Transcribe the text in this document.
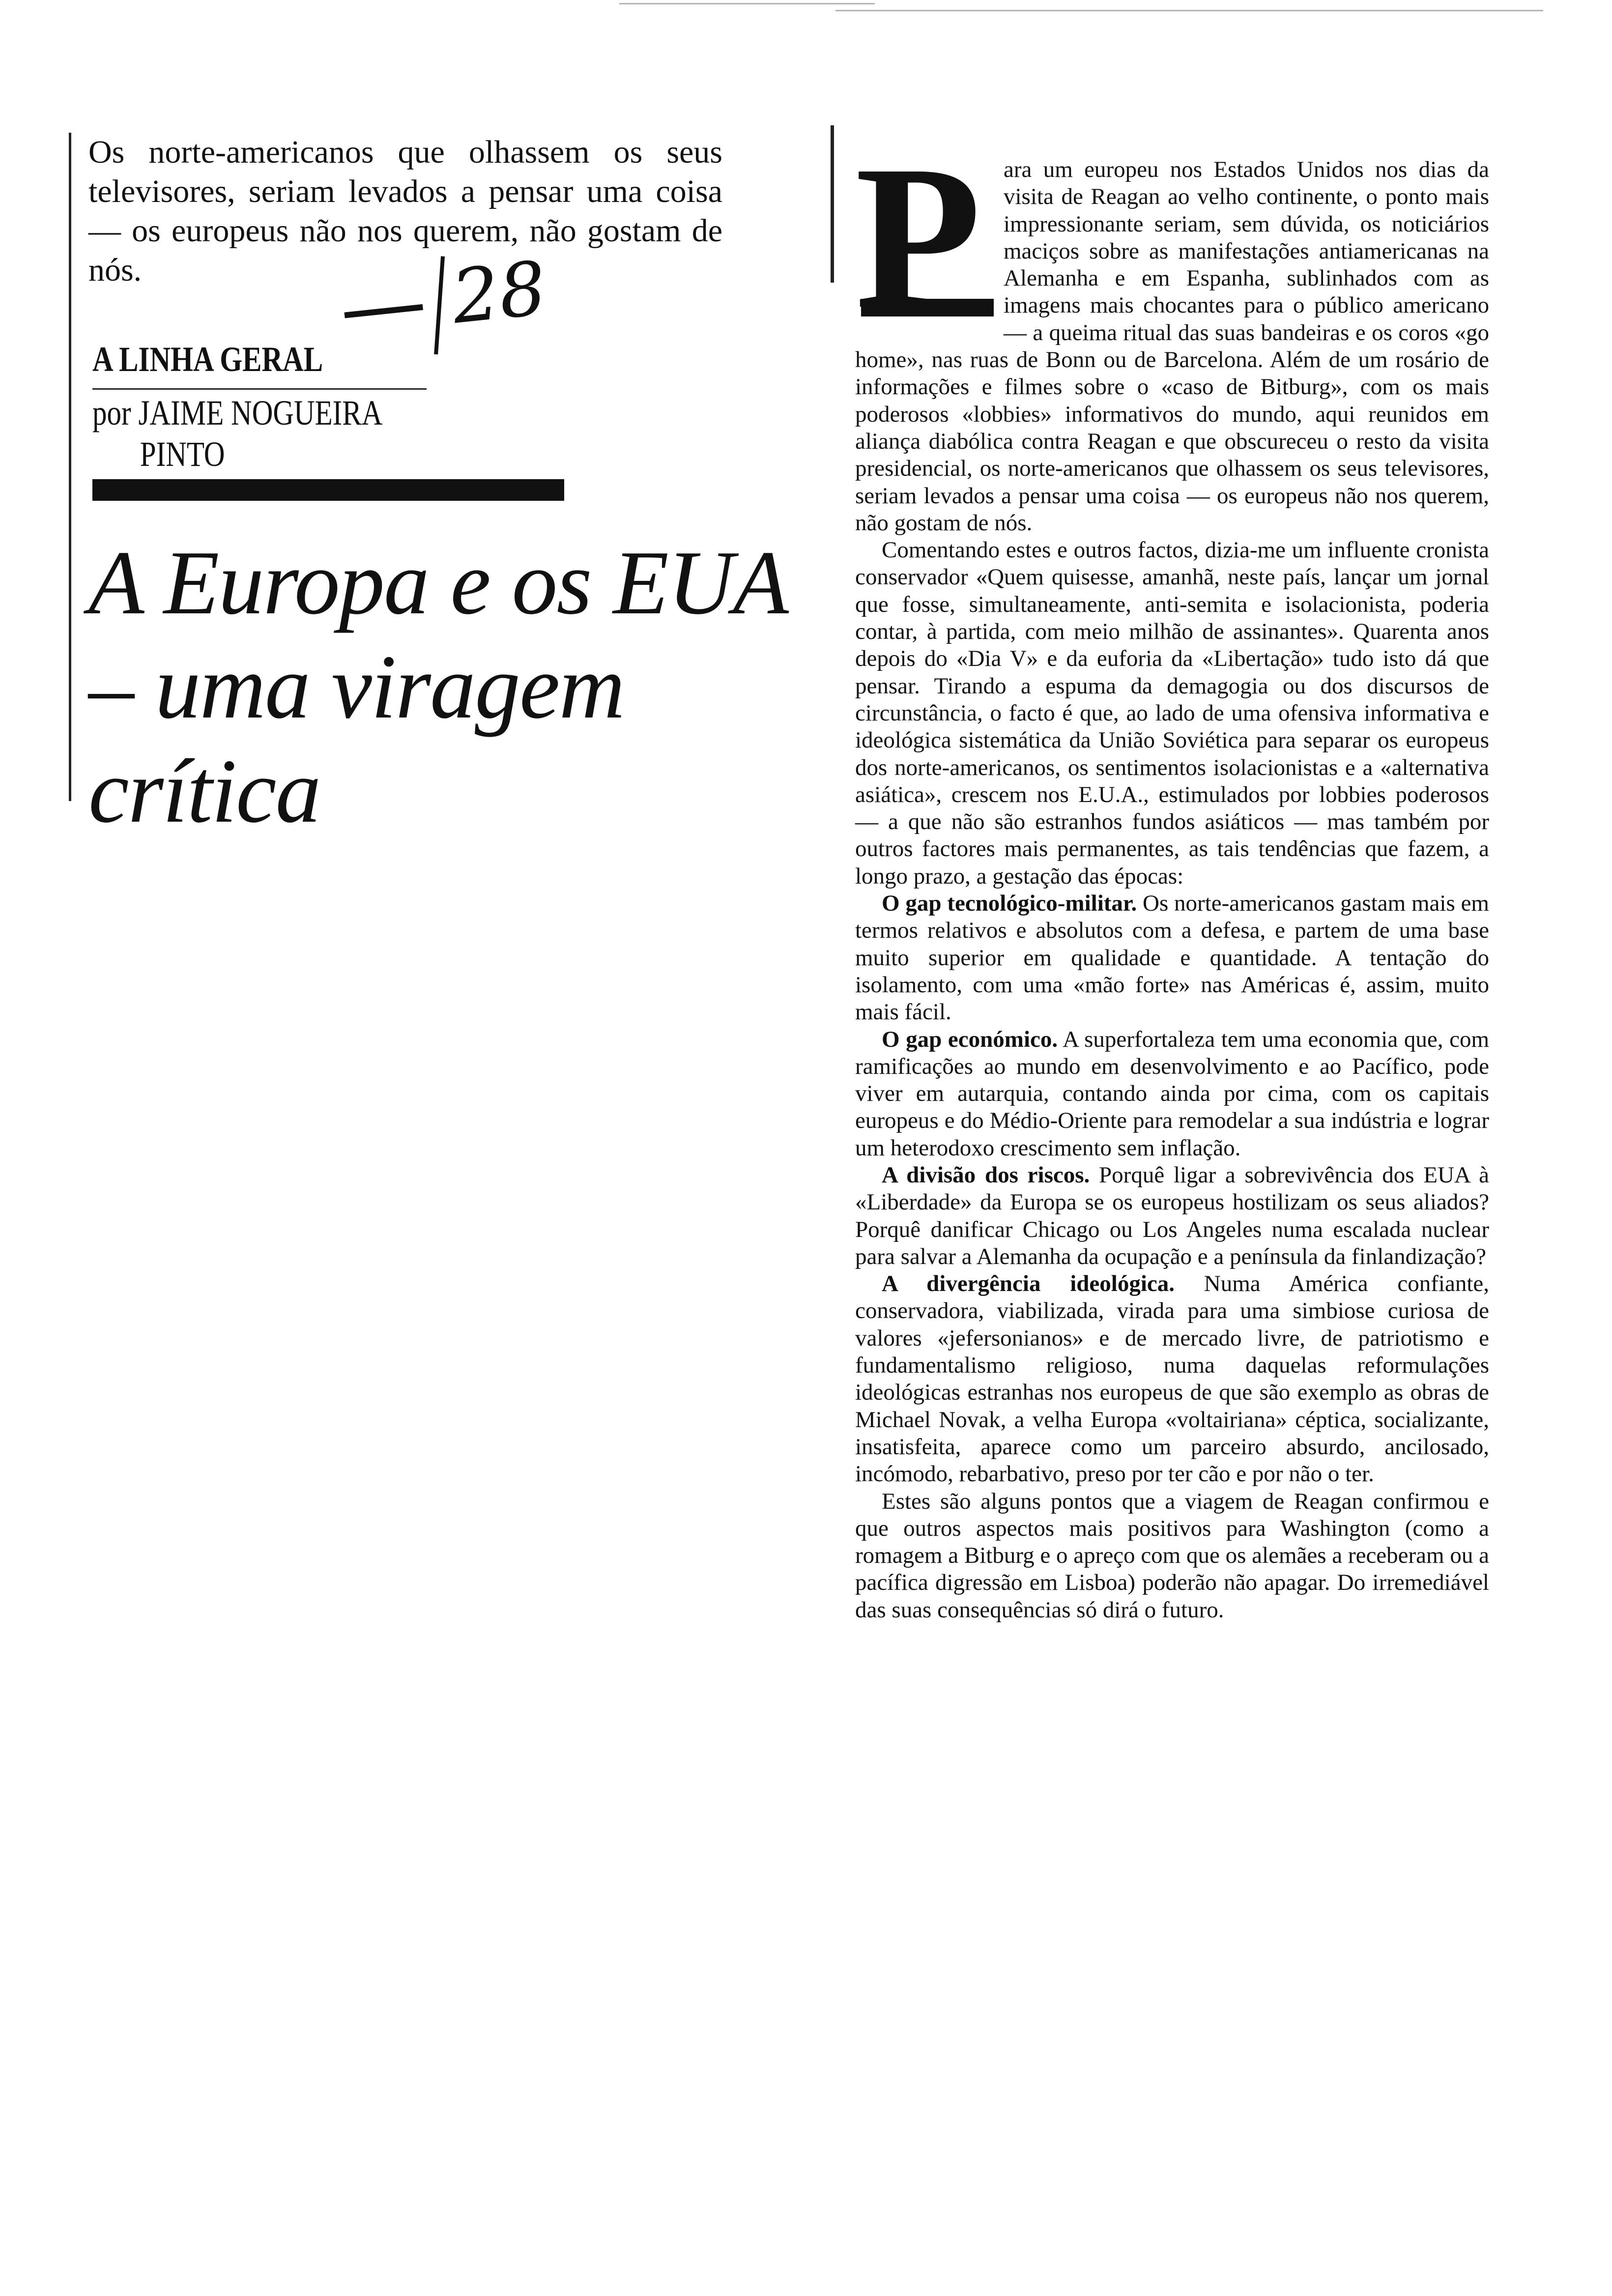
Os norte-americanos que olhassem os seus televisores, seriam levados a pensar uma coisa — os europeus não nos querem, não gostam de nós.	28
A LINHA GERAL
por JAIME NOGUEIRA
PINTO
A Europa e os EUA
– uma viragem
crítica

P ara um europeu nos Estados Unidos nos dias da visita de Reagan ao velho continente, o ponto mais impressionante seriam, sem dúvida, os noticiários maciços sobre as manifestações antiamericanas na Alemanha e em Espanha, sublinhados com as imagens mais chocantes para o público americano — a queima ritual das suas bandeiras e os coros «go home», nas ruas de Bonn ou de Barcelona. Além de um rosário de informações e filmes sobre o «caso de Bitburg», com os mais poderosos «lobbies» informativos do mundo, aqui reunidos em aliança diabólica contra Reagan e que obscureceu o resto da visita presidencial, os norte-americanos que olhassem os seus televisores, seriam levados a pensar uma coisa — os europeus não nos querem, não gostam de nós.

Comentando estes e outros factos, dizia-me um influente cronista conservador «Quem quisesse, amanhã, neste país, lançar um jornal que fosse, simultaneamente, anti-semita e isolacionista, poderia contar, à partida, com meio milhão de assinantes». Quarenta anos depois do «Dia V» e da euforia da «Libertação» tudo isto dá que pensar. Tirando a espuma da demagogia ou dos discursos de circunstância, o facto é que, ao lado de uma ofensiva informativa e ideológica sistemática da União Soviética para separar os europeus dos norte-americanos, os sentimentos isolacionistas e a «alternativa asiática», crescem nos E.U.A., estimulados por lobbies poderosos — a que não são estranhos fundos asiáticos — mas também por outros factores mais permanentes, as tais tendências que fazem, a longo prazo, a gestação das épocas:

O gap tecnológico-militar. Os norte-americanos gastam mais em termos relativos e absolutos com a defesa, e partem de uma base muito superior em qualidade e quantidade. A tentação do isolamento, com uma «mão forte» nas Américas é, assim, muito mais fácil.

O gap económico. A superfortaleza tem uma economia que, com ramificações ao mundo em desenvolvimento e ao Pacífico, pode viver em autarquia, contando ainda por cima, com os capitais europeus e do Médio-Oriente para remodelar a sua indústria e lograr um heterodoxo crescimento sem inflação.

A divisão dos riscos. Porquê ligar a sobrevivência dos EUA à «Liberdade» da Europa se os europeus hostilizam os seus aliados? Porquê danificar Chicago ou Los Angeles numa escalada nuclear para salvar a Alemanha da ocupação e a península da finlandização?

A divergência ideológica. Numa América confiante, conservadora, viabilizada, virada para uma simbiose curiosa de valores «jefersonianos» e de mercado livre, de patriotismo e fundamentalismo religioso, numa daquelas reformulações ideológicas estranhas nos europeus de que são exemplo as obras de Michael Novak, a velha Europa «voltairiana» céptica, socializante, insatisfeita, aparece como um parceiro absurdo, ancilosado, incómodo, rebarbativo, preso por ter cão e por não o ter.

Estes são alguns pontos que a viagem de Reagan confirmou e que outros aspectos mais positivos para Washington (como a romagem a Bitburg e o apreço com que os alemães a receberam ou a pacífica digressão em Lisboa) poderão não apagar. Do irremediável das suas consequências só dirá o futuro.
